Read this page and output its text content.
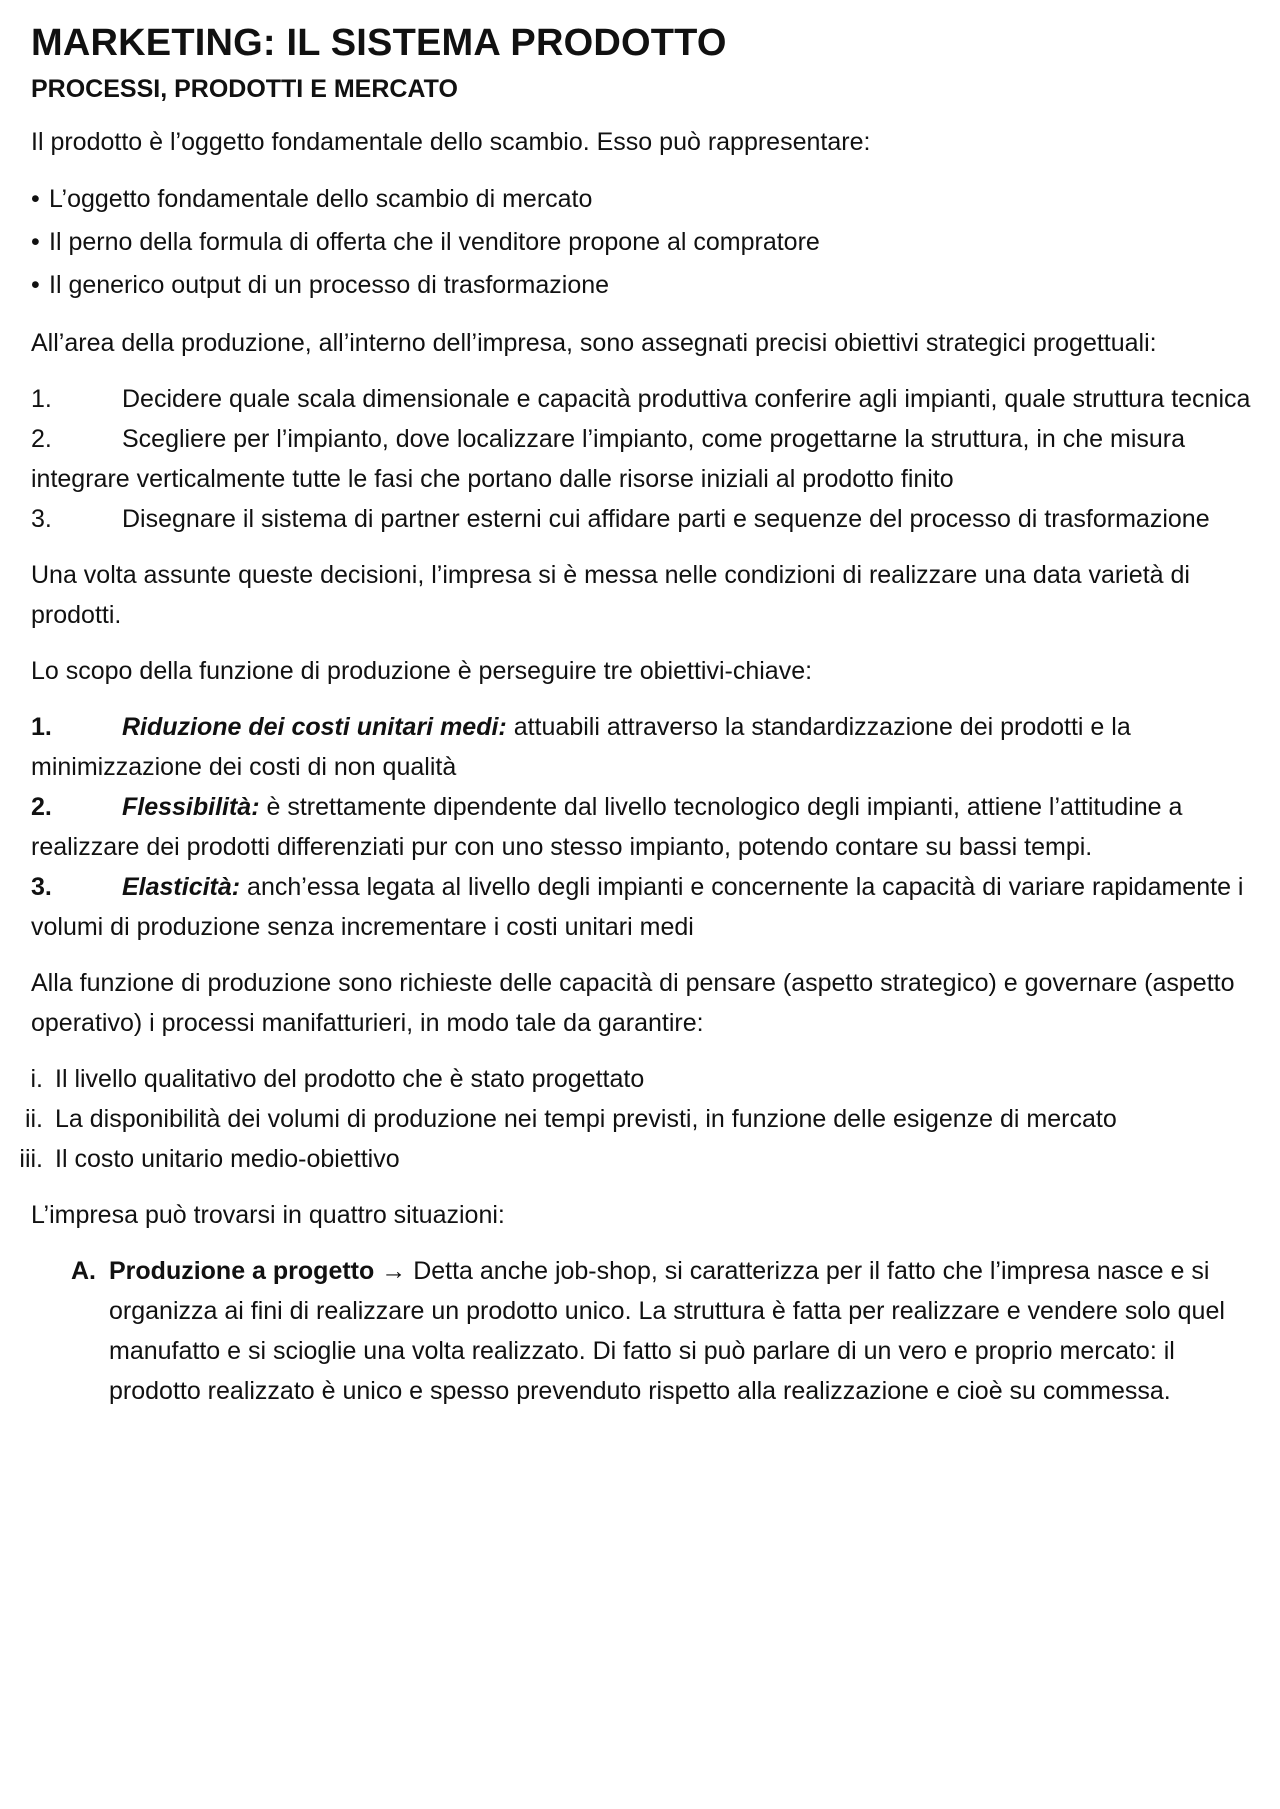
MARKETING: IL SISTEMA PRODOTTO
PROCESSI, PRODOTTI E MERCATO

Il prodotto è l’oggetto fondamentale dello scambio. Esso può rappresentare:

• L’oggetto fondamentale dello scambio di mercato
• Il perno della formula di offerta che il venditore propone al compratore
• Il generico output di un processo di trasformazione

All’area della produzione, all’interno dell’impresa, sono assegnati precisi obiettivi strategici progettuali:

1.	Decidere quale scala dimensionale e capacità produttiva conferire agli impianti, quale struttura tecnica
2.	Scegliere per l’impianto, dove localizzare l’impianto, come progettarne la struttura, in che misura integrare verticalmente tutte le fasi che portano dalle risorse iniziali al prodotto finito
3.	Disegnare il sistema di partner esterni cui affidare parti e sequenze del processo di trasformazione

Una volta assunte queste decisioni, l’impresa si è messa nelle condizioni di realizzare una data varietà di prodotti.

Lo scopo della funzione di produzione è perseguire tre obiettivi-chiave:

1.	Riduzione dei costi unitari medi: attuabili attraverso la standardizzazione dei prodotti e la minimizzazione dei costi di non qualità
2.	Flessibilità: è strettamente dipendente dal livello tecnologico degli impianti, attiene l’attitudine a realizzare dei prodotti differenziati pur con uno stesso impianto, potendo contare su bassi tempi.
3.	Elasticità: anch’essa legata al livello degli impianti e concernente la capacità di variare rapidamente i volumi di produzione senza incrementare i costi unitari medi

Alla funzione di produzione sono richieste delle capacità di pensare (aspetto strategico) e governare (aspetto operativo) i processi manifatturieri, in modo tale da garantire:

i. Il livello qualitativo del prodotto che è stato progettato
ii. La disponibilità dei volumi di produzione nei tempi previsti, in funzione delle esigenze di mercato
iii. Il costo unitario medio-obiettivo

L’impresa può trovarsi in quattro situazioni:

A. Produzione a progetto → Detta anche job-shop, si caratterizza per il fatto che l’impresa nasce e si organizza ai fini di realizzare un prodotto unico. La struttura è fatta per realizzare e vendere solo quel manufatto e si scioglie una volta realizzato. Di fatto si può parlare di un vero e proprio mercato: il prodotto realizzato è unico e spesso prevenduto rispetto alla realizzazione e cioè su commessa.
